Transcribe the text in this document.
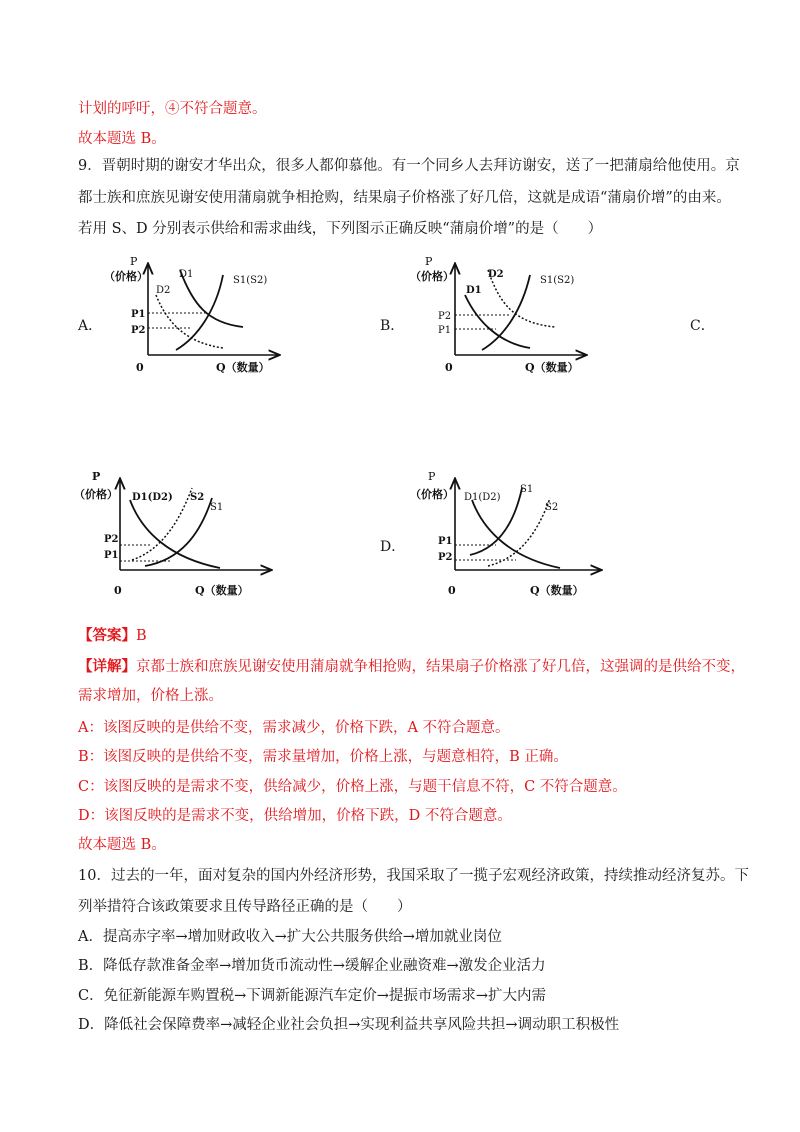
计划的呼吁，④不符合题意。
故本题选 B。
9．晋朝时期的谢安才华出众，很多人都仰慕他。有一个同乡人去拜访谢安，送了一把蒲扇给他使用。京
都士族和庶族见谢安使用蒲扇就争相抢购，结果扇子价格涨了好几倍，这就是成语“蒲扇价增”的由来。
若用 S、D 分别表示供给和需求曲线，下列图示正确反映“蒲扇价增”的是（　　）
A．	B．	C．
D．
P
（价格）
0	Q（数量）
P1
P2
D1
D2
S1(S2)
P
（价格）
0	Q（数量）
P2
P1
D2
D1
S1(S2)
P
（价格）
0	Q（数量）
P2
P1
D1(D2) S2
S1
P
（价格）
0	Q（数量）
P1
P2
D1(D2)
S1
S2
【答案】B
【详解】京都士族和庶族见谢安使用蒲扇就争相抢购，结果扇子价格涨了好几倍，这强调的是供给不变，
需求增加，价格上涨。
A：该图反映的是供给不变，需求减少，价格下跌，A 不符合题意。
B：该图反映的是供给不变，需求量增加，价格上涨，与题意相符，B 正确。
C：该图反映的是需求不变，供给减少，价格上涨，与题干信息不符，C 不符合题意。
D：该图反映的是需求不变，供给增加，价格下跌，D 不符合题意。
故本题选 B。
10．过去的一年，面对复杂的国内外经济形势，我国采取了一揽子宏观经济政策，持续推动经济复苏。下
列举措符合该政策要求且传导路径正确的是（　　）
A．提高赤字率→增加财政收入→扩大公共服务供给→增加就业岗位
B．降低存款准备金率→增加货币流动性→缓解企业融资难→激发企业活力
C．免征新能源车购置税→下调新能源汽车定价→提振市场需求→扩大内需
D．降低社会保障费率→减轻企业社会负担→实现利益共享风险共担→调动职工积极性
